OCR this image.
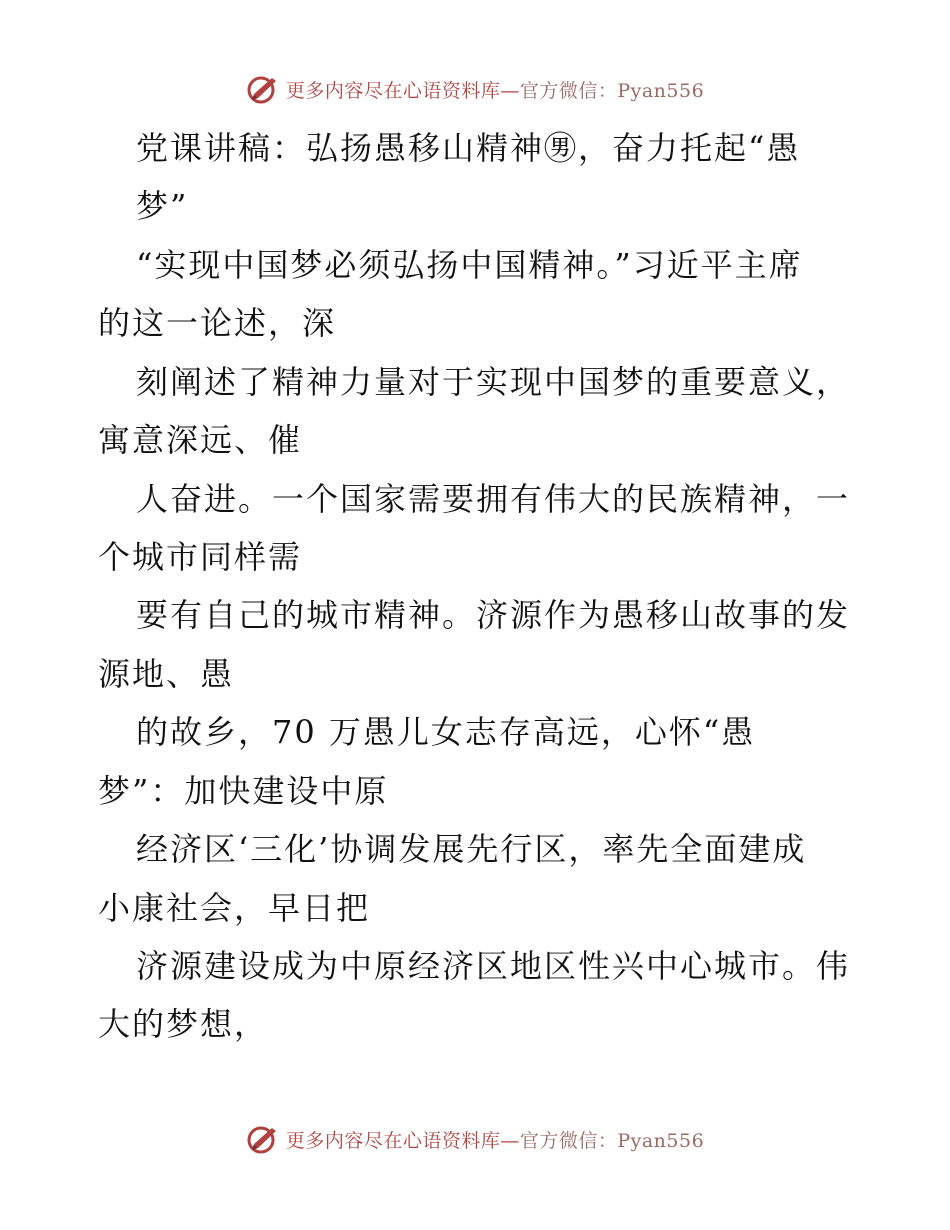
更多内容尽在心语资料库—官方微信：Pyan556
党课讲稿：弘扬愚移山精神㊚，奋力托起“愚
梦”
“实现中国梦必须弘扬中国精神。”习近平主席
的这一论述，深
刻阐述了精神力量对于实现中国梦的重要意义，
寓意深远、催
人奋进。一个国家需要拥有伟大的民族精神，一
个城市同样需
要有自己的城市精神。济源作为愚移山故事的发
源地、愚
的故乡，70 万愚儿女志存高远，心怀“愚
梦”：加快建设中原
经济区‘三化’协调发展先行区，率先全面建成
小康社会，早日把
济源建设成为中原经济区地区性兴中心城市。伟
大的梦想，
更多内容尽在心语资料库—官方微信：Pyan556
